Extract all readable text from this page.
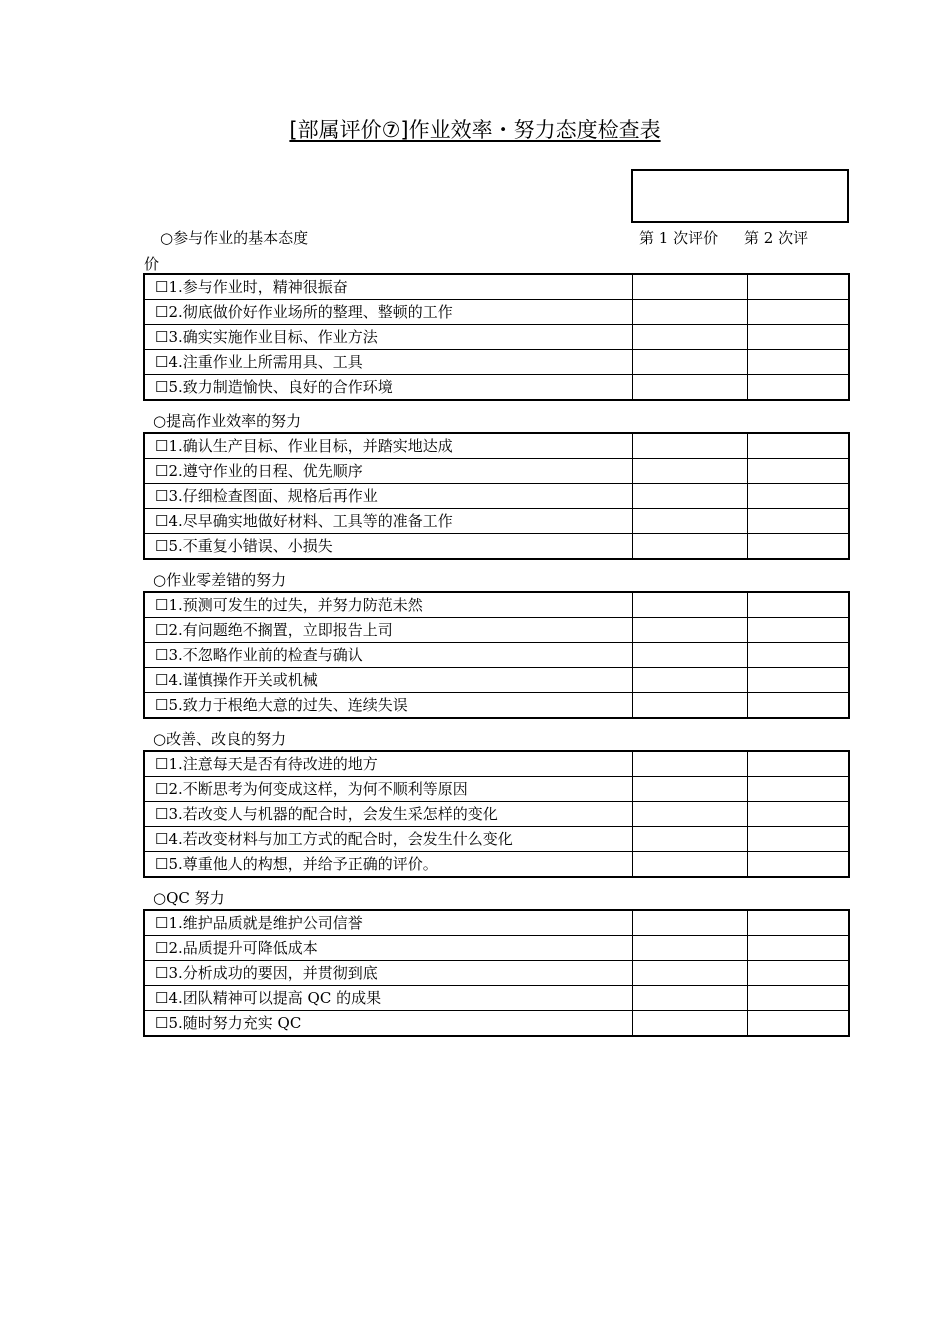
[部属评价⑦]作业效率・努力态度检查表
○参与作业的基本态度
价
第 1 次评价 第 2 次评
☐1.参与作业时，精神很振奋		
☐2.彻底做价好作业场所的整理、整顿的工作		
☐3.确实实施作业目标、作业方法		
☐4.注重作业上所需用具、工具		
☐5.致力制造愉快、良好的合作环境		
○提高作业效率的努力
☐1.确认生产目标、作业目标，并踏实地达成		
☐2.遵守作业的日程、优先顺序		
☐3.仔细检查图面、规格后再作业		
☐4.尽早确实地做好材料、工具等的准备工作		
☐5.不重复小错误、小损失		
○作业零差错的努力
☐1.预测可发生的过失，并努力防范未然		
☐2.有问题绝不搁置，立即报告上司		
☐3.不忽略作业前的检查与确认		
☐4.谨慎操作开关或机械		
☐5.致力于根绝大意的过失、连续失误		
○改善、改良的努力
☐1.注意每天是否有待改进的地方		
☐2.不断思考为何变成这样，为何不顺利等原因		
☐3.若改变人与机器的配合时，会发生采怎样的变化		
☐4.若改变材料与加工方式的配合时，会发生什么变化		
☐5.尊重他人的构想，并给予正确的评价。		
○QC 努力
☐1.维护品质就是维护公司信誉		
☐2.品质提升可降低成本		
☐3.分析成功的要因，并贯彻到底		
☐4.团队精神可以提高 QC 的成果		
☐5.随时努力充实 QC		
